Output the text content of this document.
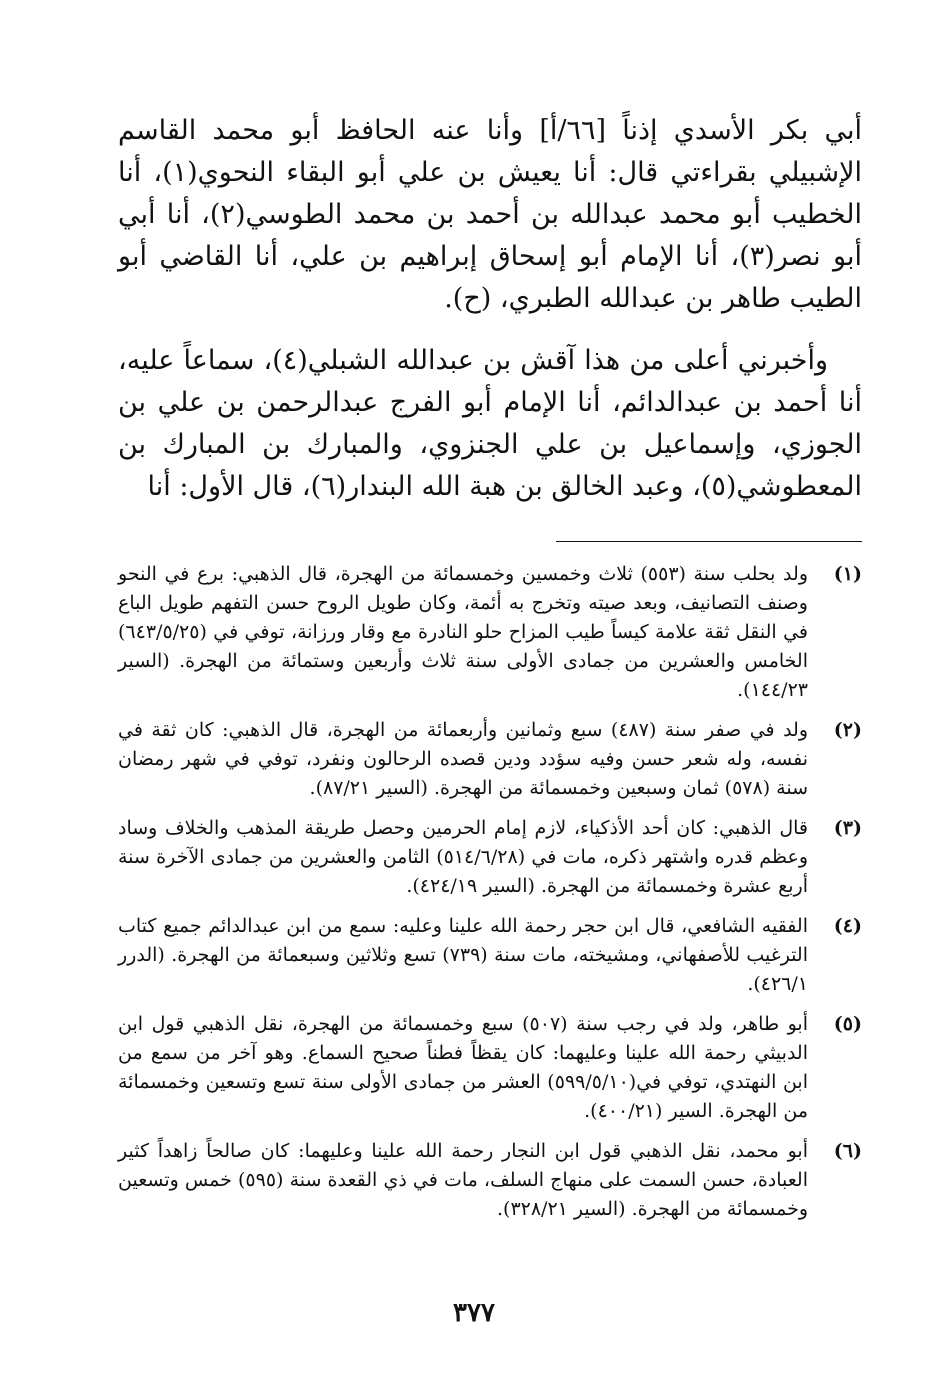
أبي بكر الأسدي إذناً [٦٦/أ] وأنا عنه الحافظ أبو محمد القاسم الإشبيلي بقراءتي قال: أنا يعيش بن علي أبو البقاء النحوي(١)، أنا الخطيب أبو محمد عبدالله بن أحمد بن محمد الطوسي(٢)، أنا أبي أبو نصر(٣)، أنا الإمام أبو إسحاق إبراهيم بن علي، أنا القاضي أبو الطيب طاهر بن عبدالله الطبري، (ح).

وأخبرني أعلى من هذا آقش بن عبدالله الشبلي(٤)، سماعاً عليه، أنا أحمد بن عبدالدائم، أنا الإمام أبو الفرج عبدالرحمن بن علي بن الجوزي، وإسماعيل بن علي الجنزوي، والمبارك بن المبارك بن المعطوشي(٥)، وعبد الخالق بن هبة الله البندار(٦)، قال الأول: أنا

(١)
ولد بحلب سنة (٥٥٣) ثلاث وخمسين وخمسمائة من الهجرة، قال الذهبي: برع في النحو وصنف التصانيف، وبعد صيته وتخرج به أئمة، وكان طويل الروح حسن التفهم طويل الباع في النقل ثقة علامة كيساً طيب المزاح حلو النادرة مع وقار ورزانة، توفي في (٦٤٣/٥/٢٥) الخامس والعشرين من جمادى الأولى سنة ثلاث وأربعين وستمائة من الهجرة. (السير ١٤٤/٢٣).
(٢)
ولد في صفر سنة (٤٨٧) سبع وثمانين وأربعمائة من الهجرة، قال الذهبي: كان ثقة في نفسه، وله شعر حسن وفيه سؤدد ودين قصده الرحالون ونفرد، توفي في شهر رمضان سنة (٥٧٨) ثمان وسبعين وخمسمائة من الهجرة. (السير ٨٧/٢١).
(٣)
قال الذهبي: كان أحد الأذكياء، لازم إمام الحرمين وحصل طريقة المذهب والخلاف وساد وعظم قدره واشتهر ذكره، مات في (٥١٤/٦/٢٨) الثامن والعشرين من جمادى الآخرة سنة أربع عشرة وخمسمائة من الهجرة. (السير ٤٢٤/١٩).
(٤)
الفقيه الشافعي، قال ابن حجر رحمة الله علينا وعليه: سمع من ابن عبدالدائم جميع كتاب الترغيب للأصفهاني، ومشيخته، مات سنة (٧٣٩) تسع وثلاثين وسبعمائة من الهجرة. (الدرر ٤٢٦/١).
(٥)
أبو طاهر، ولد في رجب سنة (٥٠٧) سبع وخمسمائة من الهجرة، نقل الذهبي قول ابن الدبيثي رحمة الله علينا وعليهما: كان يقظاً فطناً صحيح السماع. وهو آخر من سمع من ابن النهتدي، توفي في(٥٩٩/٥/١٠) العشر من جمادى الأولى سنة تسع وتسعين وخمسمائة من الهجرة. السير (٤٠٠/٢١).
(٦)
أبو محمد، نقل الذهبي قول ابن النجار رحمة الله علينا وعليهما: كان صالحاً زاهداً كثير العبادة، حسن السمت على منهاج السلف، مات في ذي القعدة سنة (٥٩٥) خمس وتسعين وخمسمائة من الهجرة. (السير ٣٢٨/٢١).
٣٧٧
